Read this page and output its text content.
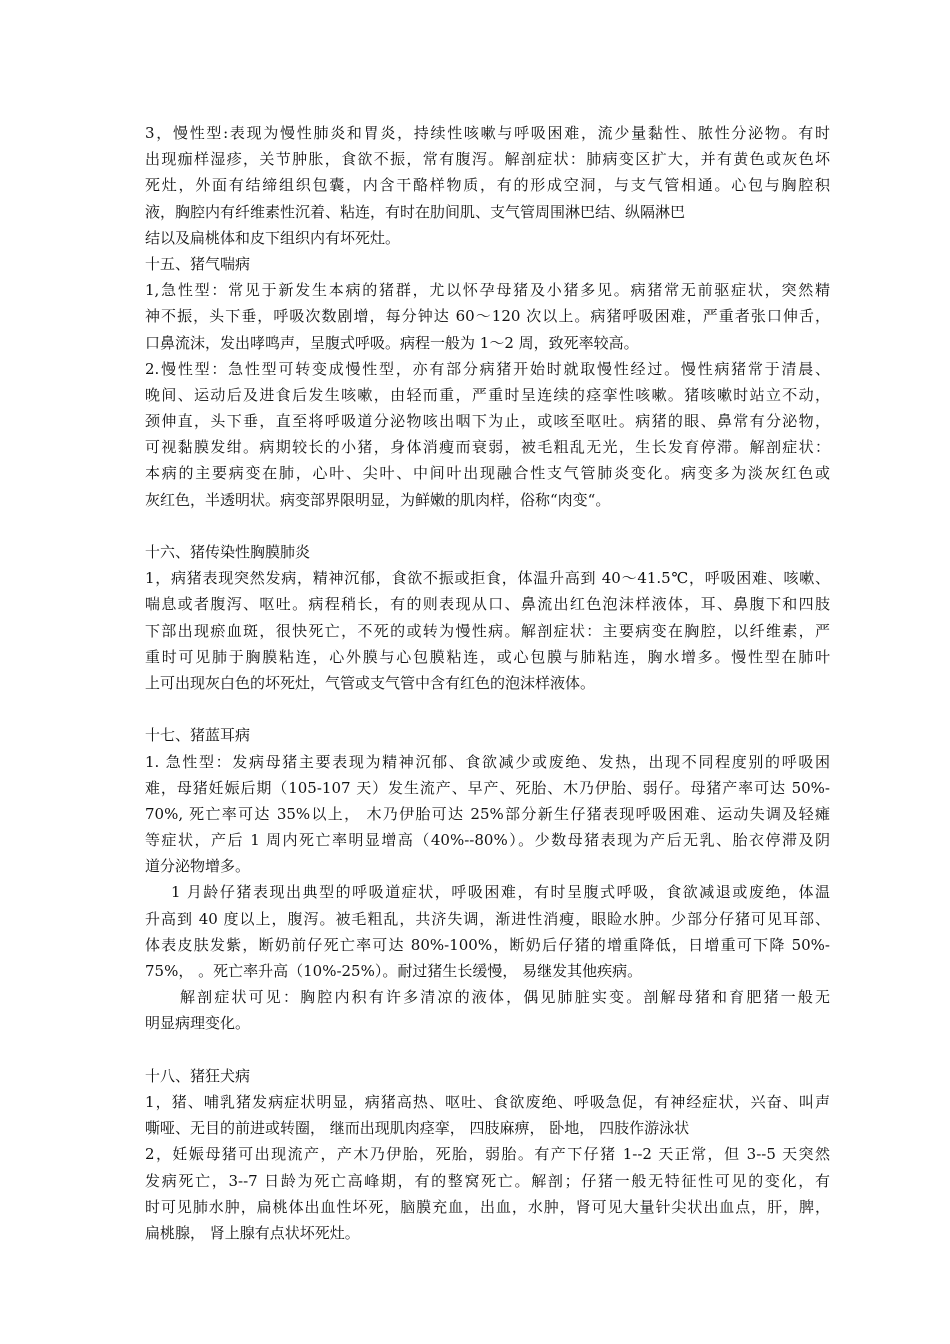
3，慢性型:表现为慢性肺炎和胃炎，持续性咳嗽与呼吸困难，流少量黏性、脓性分泌物。有时
出现痂样湿疹，关节肿胀，食欲不振，常有腹泻。解剖症状：肺病变区扩大，并有黄色或灰色坏
死灶，外面有结缔组织包囊，内含干酪样物质，有的形成空洞，与支气管相通。心包与胸腔积
液，胸腔内有纤维素性沉着、粘连，有时在肋间肌、支气管周围淋巴结、纵隔淋巴
结以及扁桃体和皮下组织内有坏死灶。
十五、猪气喘病
1,急性型：常见于新发生本病的猪群，尤以怀孕母猪及小猪多见。病猪常无前驱症状，突然精
神不振，头下垂，呼吸次数剧增，每分钟达 60～120 次以上。病猪呼吸困难，严重者张口伸舌，
口鼻流沫，发出哮鸣声，呈腹式呼吸。病程一般为 1～2 周，致死率较高。
2.慢性型：急性型可转变成慢性型，亦有部分病猪开始时就取慢性经过。慢性病猪常于清晨、
晚间、运动后及进食后发生咳嗽，由轻而重，严重时呈连续的痉挛性咳嗽。猪咳嗽时站立不动，
颈伸直，头下垂，直至将呼吸道分泌物咳出咽下为止，或咳至呕吐。病猪的眼、鼻常有分泌物，
可视黏膜发绀。病期较长的小猪，身体消瘦而衰弱，被毛粗乱无光，生长发育停滞。解剖症状：
本病的主要病变在肺，心叶、尖叶、中间叶出现融合性支气管肺炎变化。病变多为淡灰红色或
灰红色，半透明状。病变部界限明显，为鲜嫩的肌肉样，俗称“肉变“。
十六、猪传染性胸膜肺炎
1，病猪表现突然发病，精神沉郁，食欲不振或拒食，体温升高到 40～41.5℃，呼吸困难、咳嗽、
喘息或者腹泻、呕吐。病程稍长，有的则表现从口、鼻流出红色泡沫样液体，耳、鼻腹下和四肢
下部出现瘀血斑，很快死亡，不死的或转为慢性病。解剖症状：主要病变在胸腔，以纤维素，严
重时可见肺于胸膜粘连，心外膜与心包膜粘连，或心包膜与肺粘连，胸水增多。慢性型在肺叶
上可出现灰白色的坏死灶，气管或支气管中含有红色的泡沫样液体。
十七、猪蓝耳病
1. 急性型：发病母猪主要表现为精神沉郁、食欲减少或废绝、发热，出现不同程度别的呼吸困
难，母猪妊娠后期（105-107 天）发生流产、早产、死胎、木乃伊胎、弱仔。母猪产率可达 50%-
70%, 死亡率可达 35%以上， 木乃伊胎可达 25%部分新生仔猪表现呼吸困难、运动失调及轻瘫
等症状，产后 1 周内死亡率明显增高（40%--80%）。少数母猪表现为产后无乳、胎衣停滞及阴
道分泌物增多。
1 月龄仔猪表现出典型的呼吸道症状，呼吸困难，有时呈腹式呼吸，食欲减退或废绝，体温
升高到 40 度以上，腹泻。被毛粗乱，共济失调，渐进性消瘦，眼睑水肿。少部分仔猪可见耳部、
体表皮肤发紫，断奶前仔死亡率可达 80%-100%，断奶后仔猪的增重降低，日增重可下降 50%-
75%， 。死亡率升高（10%-25%）。耐过猪生长缓慢， 易继发其他疾病。
解剖症状可见：胸腔内积有许多清凉的液体，偶见肺脏实变。剖解母猪和育肥猪一般无
明显病理变化。
十八、猪狂犬病
1，猪、哺乳猪发病症状明显，病猪高热、呕吐、食欲废绝、呼吸急促，有神经症状，兴奋、叫声
嘶哑、无目的前进或转圈， 继而出现肌肉痉挛， 四肢麻痹， 卧地， 四肢作游泳状
2，妊娠母猪可出现流产，产木乃伊胎，死胎，弱胎。有产下仔猪 1--2 天正常，但 3--5 天突然
发病死亡，3--7 日龄为死亡高峰期，有的整窝死亡。解剖；仔猪一般无特征性可见的变化，有
时可见肺水肿，扁桃体出血性坏死，脑膜充血，出血，水肿，肾可见大量针尖状出血点，肝，脾，
扁桃腺， 肾上腺有点状坏死灶。
